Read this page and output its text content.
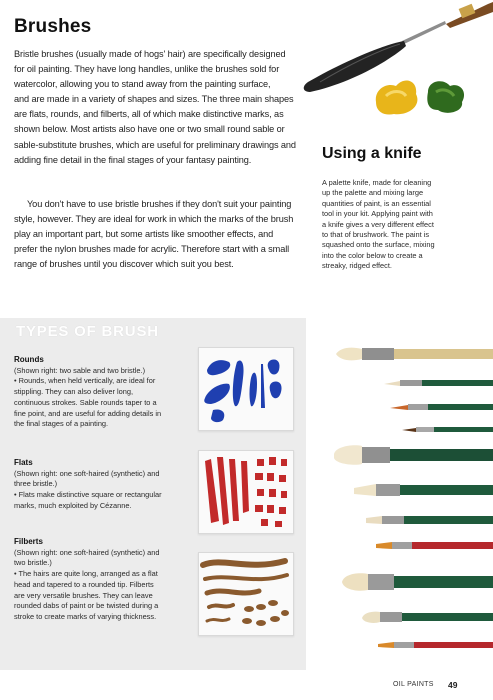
Brushes

Bristle brushes (usually made of hogs' hair) are specifically designed

for oil painting. They have long handles, unlike the brushes sold for

watercolor, allowing you to stand away from the painting surface,

and are made in a variety of shapes and sizes. The three main shapes

are flats, rounds, and filberts, all of which make distinctive marks, as

shown below. Most artists also have one or two small round sable or

sable-substitute brushes, which are useful for preliminary drawings and

adding fine detail in the final stages of your fantasy painting.

You don't have to use bristle brushes if they don't suit your painting

style, however. They are ideal for work in which the marks of the brush

play an important part, but some artists like smoother effects, and

prefer the nylon brushes made for acrylic. Therefore start with a small

range of brushes until you discover which suit you best.

Using a knife
A palette knife, made for cleaning
up the palette and mixing large
quantities of paint, is an essential
tool in your kit. Applying paint with
a knife gives a very different effect
to that of brushwork. The paint is
squashed onto the surface, mixing
into the color below to create a
streaky, ridged effect.
TYPES OF BRUSH
Rounds
(Shown right: two sable and two bristle.)
• Rounds, when held vertically, are ideal for
stippling. They can also deliver long,
continuous strokes. Sable rounds taper to a
fine point, and are useful for adding details in
the final stages of a painting.
Flats
(Shown right: one soft-haired (synthetic) and
three bristle.)
• Flats make distinctive square or rectangular
marks, much exploited by Cézanne.
Filberts
(Shown right: one soft-haired (synthetic) and
two bristle.)
• The hairs are quite long, arranged as a flat
head and tapered to a rounded tip. Filberts
are very versatile brushes. They can leave
rounded dabs of paint or be twisted during a
stroke to create marks of varying thickness.
OIL PAINTS 49
